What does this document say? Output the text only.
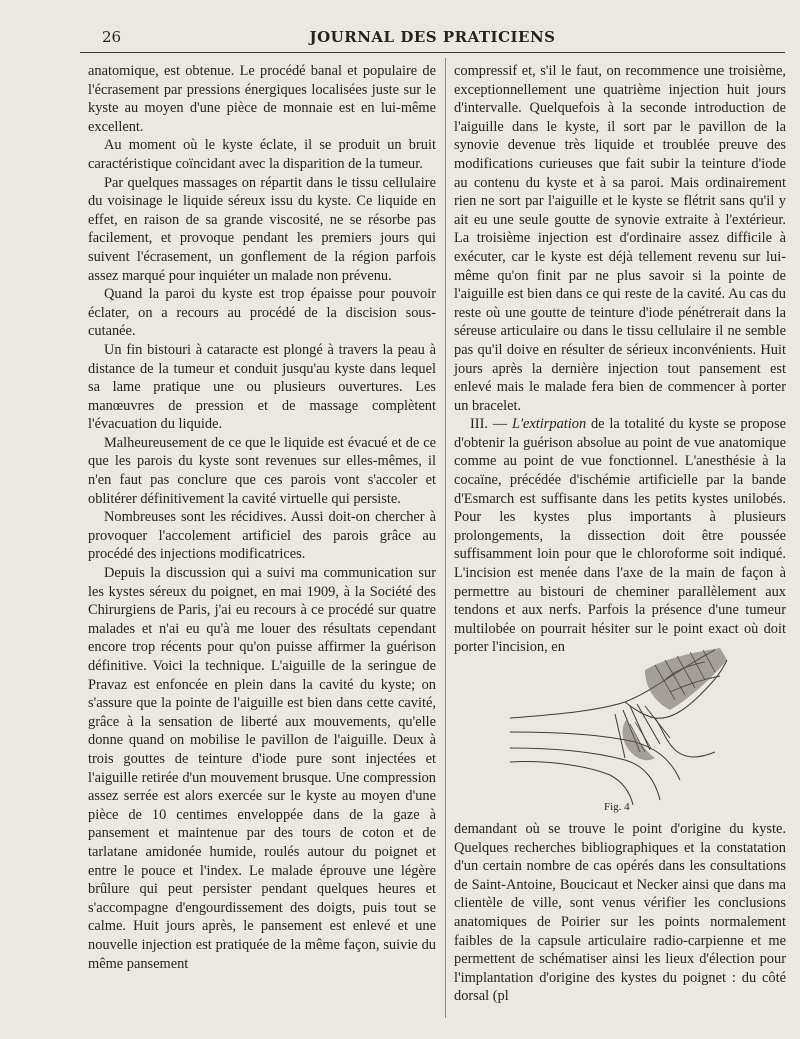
26	JOURNAL DES PRATICIENS

anatomique, est obtenue. Le procédé banal et populaire de l'écrasement par pressions énergiques localisées juste sur le kyste au moyen d'une pièce de monnaie est en lui-même excellent.

Au moment où le kyste éclate, il se produit un bruit caractéristique coïncidant avec la disparition de la tumeur.

Par quelques massages on répartit dans le tissu cellulaire du voisinage le liquide séreux issu du kyste. Ce liquide en effet, en raison de sa grande viscosité, ne se résorbe pas facilement, et provoque pendant les premiers jours qui suivent l'écrasement, un gonflement de la région parfois assez marqué pour inquiéter un malade non prévenu.

Quand la paroi du kyste est trop épaisse pour pouvoir éclater, on a recours au procédé de la discision sous-cutanée.

Un fin bistouri à cataracte est plongé à travers la peau à distance de la tumeur et conduit jusqu'au kyste dans lequel sa lame pratique une ou plusieurs ouvertures. Les manœuvres de pression et de massage complètent l'évacuation du liquide.

Malheureusement de ce que le liquide est évacué et de ce que les parois du kyste sont revenues sur elles-mêmes, il n'en faut pas conclure que ces parois vont s'accoler et oblitérer définitivement la cavité virtuelle qui persiste.

Nombreuses sont les récidives. Aussi doit-on chercher à provoquer l'accolement artificiel des parois grâce au procédé des injections modificatrices.

Depuis la discussion qui a suivi ma communication sur les kystes séreux du poignet, en mai 1909, à la Société des Chirurgiens de Paris, j'ai eu recours à ce procédé sur quatre malades et n'ai eu qu'à me louer des résultats cependant encore trop récents pour qu'on puisse affirmer la guérison définitive. Voici la technique. L'aiguille de la seringue de Pravaz est enfoncée en plein dans la cavité du kyste; on s'assure que la pointe de l'aiguille est bien dans cette cavité, grâce à la sensation de liberté aux mouvements, qu'elle donne quand on mobilise le pavillon de l'aiguille. Deux à trois gouttes de teinture d'iode pure sont injectées et l'aiguille retirée d'un mouvement brusque. Une compression assez serrée est alors exercée sur le kyste au moyen d'une pièce de 10 centimes enveloppée dans de la gaze à pansement et maintenue par des tours de coton et de tarlatane amidonée humide, roulés autour du poignet et entre le pouce et l'index. Le malade éprouve une légère brûlure qui peut persister pendant quelques heures et s'accompagne d'engourdissement des doigts, puis tout se calme. Huit jours après, le pansement est enlevé et une nouvelle injection est pratiquée de la même façon, suivie du même pansement

compressif et, s'il le faut, on recommence une troisième, exceptionnellement une quatrième injection huit jours d'intervalle. Quelquefois à la seconde introduction de l'aiguille dans le kyste, il sort par le pavillon de la synovie devenue très liquide et troublée preuve des modifications curieuses que fait subir la teinture d'iode au contenu du kyste et à sa paroi. Mais ordinairement rien ne sort par l'aiguille et le kyste se flétrit sans qu'il y ait eu une seule goutte de synovie extraite à l'extérieur. La troisième injection est d'ordinaire assez difficile à exécuter, car le kyste est déjà tellement revenu sur lui-même qu'on finit par ne plus savoir si la pointe de l'aiguille est bien dans ce qui reste de la cavité. Au cas du reste où une goutte de teinture d'iode pénétrerait dans la séreuse articulaire ou dans le tissu cellulaire il ne semble pas qu'il doive en résulter de sérieux inconvénients. Huit jours après la dernière injection tout pansement est enlevé mais le malade fera bien de commencer à porter un bracelet.

III. — L'extirpation de la totalité du kyste se propose d'obtenir la guérison absolue au point de vue anatomique comme au point de vue fonctionnel. L'anesthésie à la cocaïne, précédée d'ischémie artificielle par la bande d'Esmarch est suffisante dans les petits kystes unilobés. Pour les kystes plus importants à plusieurs prolongements, la dissection doit être poussée suffisamment loin pour que le chloroforme soit indiqué. L'incision est menée dans l'axe de la main de façon à permettre au bistouri de cheminer parallèlement aux tendons et aux nerfs. Parfois la présence d'une tumeur multilobée on pourrait hésiter sur le point exact où doit porter l'incision, en

Fig. 4

demandant où se trouve le point d'origine du kyste. Quelques recherches bibliographiques et la constatation d'un certain nombre de cas opérés dans les consultations de Saint-Antoine, Boucicaut et Necker ainsi que dans ma clientèle de ville, sont venus vérifier les conclusions anatomiques de Poirier sur les points normalement faibles de la capsule articulaire radio-carpienne et me permettent de schématiser ainsi les lieux d'élection pour l'implantation d'origine des kystes du poignet : du côté dorsal (pl
